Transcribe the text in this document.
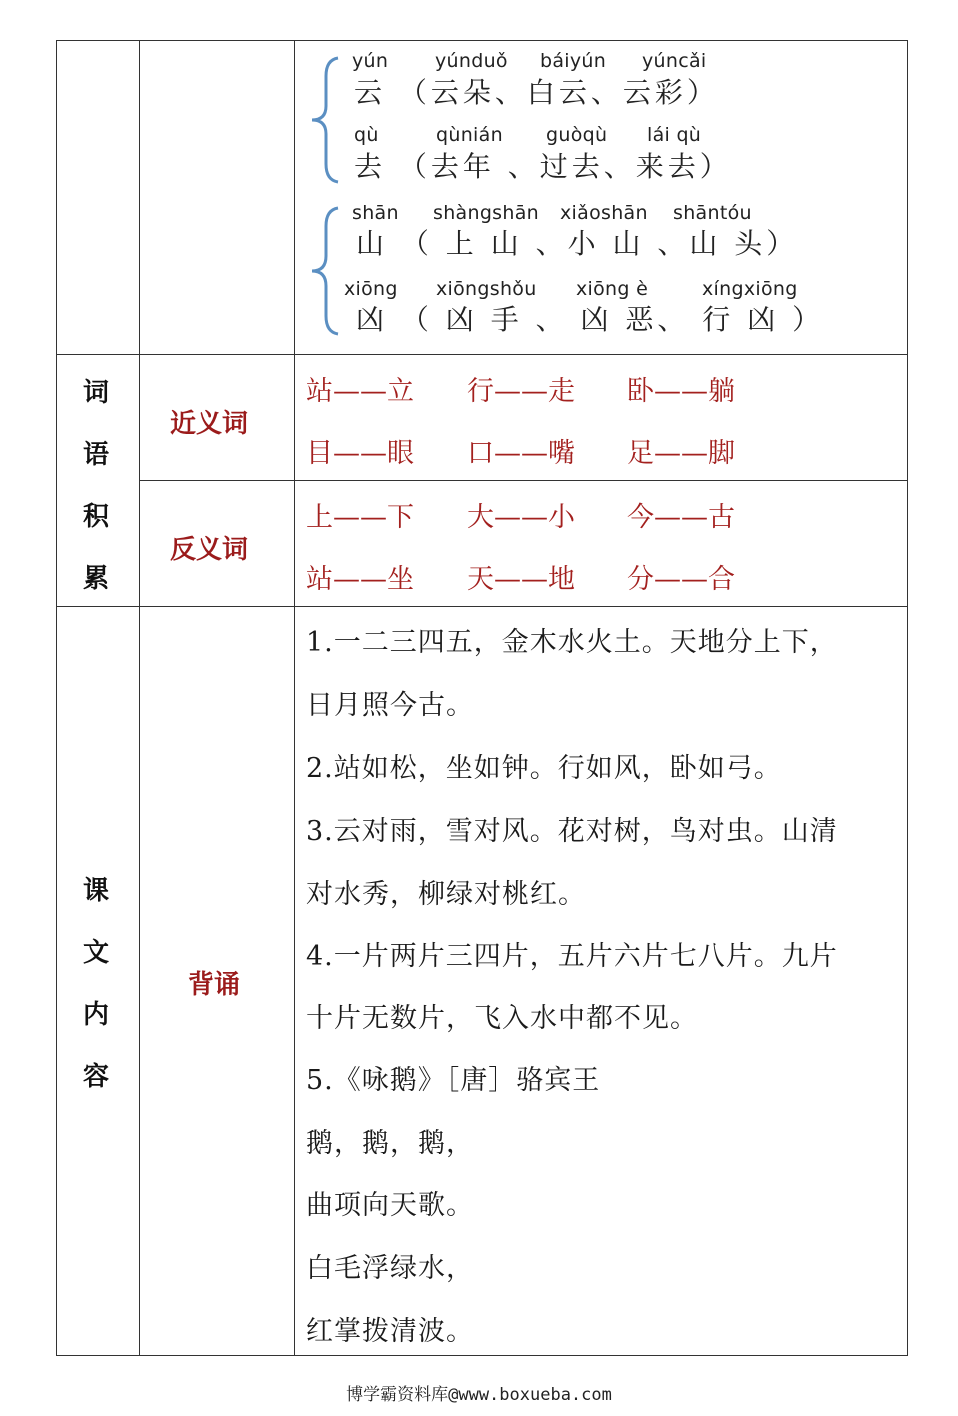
yún yúnduǒ báiyún yúncǎi
云 （云朵、白云、云彩）
qù	qùnián guòqù lái qù
去 （去年 、过去、来去）
shān shàngshān xiǎoshān shāntóu
山 （ 上 山 、小 山 、山 头）
xiōng xiōngshǒu xiōng è	xíngxiōng
凶 （ 凶 手 、 凶 恶、 行 凶 ）
词
语
积
累
近义词
反义词
站——立 行——走 卧——躺
目——眼 口——嘴 足——脚
上——下 大——小 今——古
站——坐 天——地 分——合
课
文
内
容
背诵
1.一二三四五，金木水火土。天地分上下，
日月照今古。
2.站如松，坐如钟。行如风，卧如弓。
3.云对雨，雪对风。花对树，鸟对虫。山清
对水秀，柳绿对桃红。
4.一片两片三四片，五片六片七八片。九片
十片无数片，飞入水中都不见。
5.《咏鹅》［唐］骆宾王
鹅，鹅，鹅，
曲项向天歌。
白毛浮绿水，
红掌拨清波。
博学霸资料库@www.boxueba.com
